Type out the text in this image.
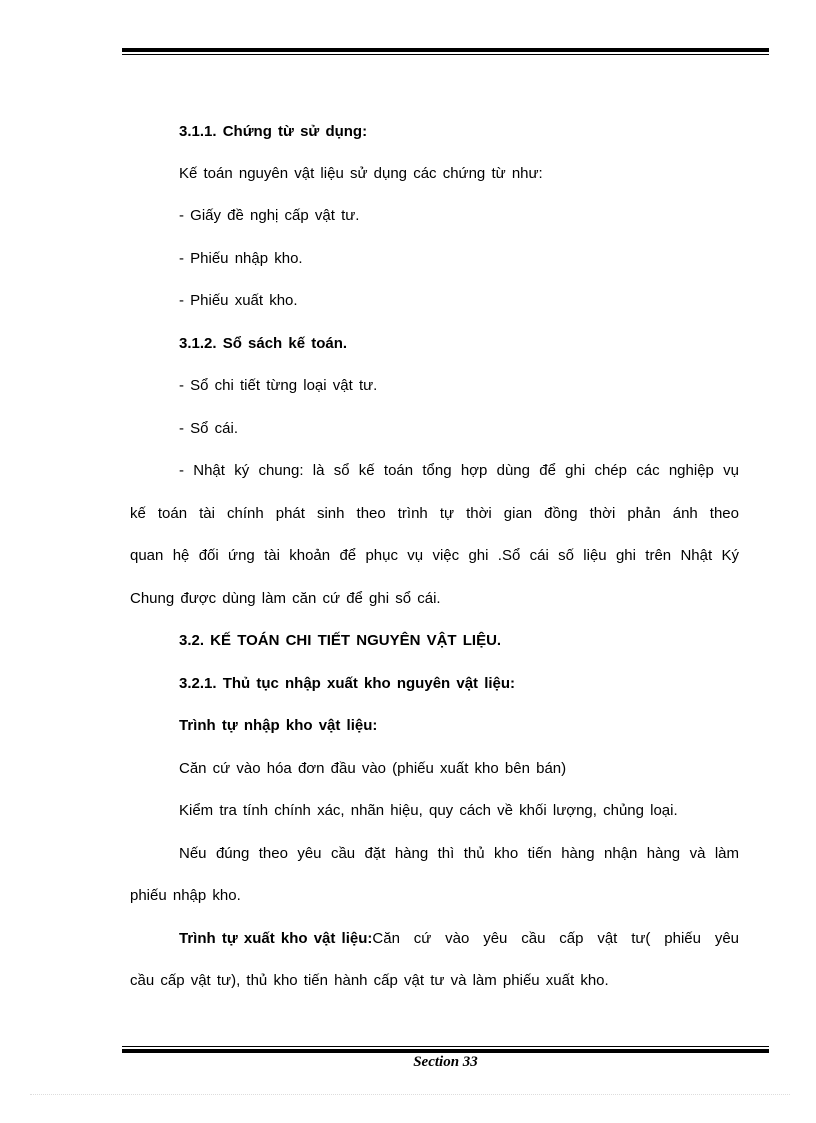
3.1.1. Chứng từ sử dụng:
Kế toán nguyên vật liệu sử dụng các chứng từ như:
- Giấy đề nghị cấp vật tư.
- Phiếu nhập kho.
- Phiếu xuất kho.
3.1.2. Sổ sách kế toán.
- Sổ chi tiết từng loại vật tư.
- Sổ cái.
- Nhật ký chung: là sổ kế toán tổng hợp dùng để ghi chép các nghiệp vụ
kế toán tài chính phát sinh theo trình tự thời gian đồng thời phản ánh theo
quan hệ đối ứng tài khoản để phục vụ việc ghi .Sổ cái số liệu ghi trên Nhật Ký
Chung được dùng làm căn cứ để ghi sổ cái.
3.2. KẾ TOÁN CHI TIẾT NGUYÊN VẬT LIỆU.
3.2.1. Thủ tục nhập xuất kho nguyên vật liệu:
Trình tự nhập kho vật liệu:
Căn cứ vào hóa đơn đầu vào (phiếu xuất kho bên bán)
Kiểm tra tính chính xác, nhãn hiệu, quy cách về khối lượng, chủng loại.
Nếu đúng theo yêu cầu đặt hàng thì thủ kho tiến hàng nhận hàng và làm
phiếu nhập kho.
Trình tự xuất kho vật liệu: Căn cứ vào yêu cầu cấp vật tư( phiếu yêu
cầu cấp vật tư), thủ kho tiến hành cấp vật tư và làm phiếu xuất kho.
Section 33
